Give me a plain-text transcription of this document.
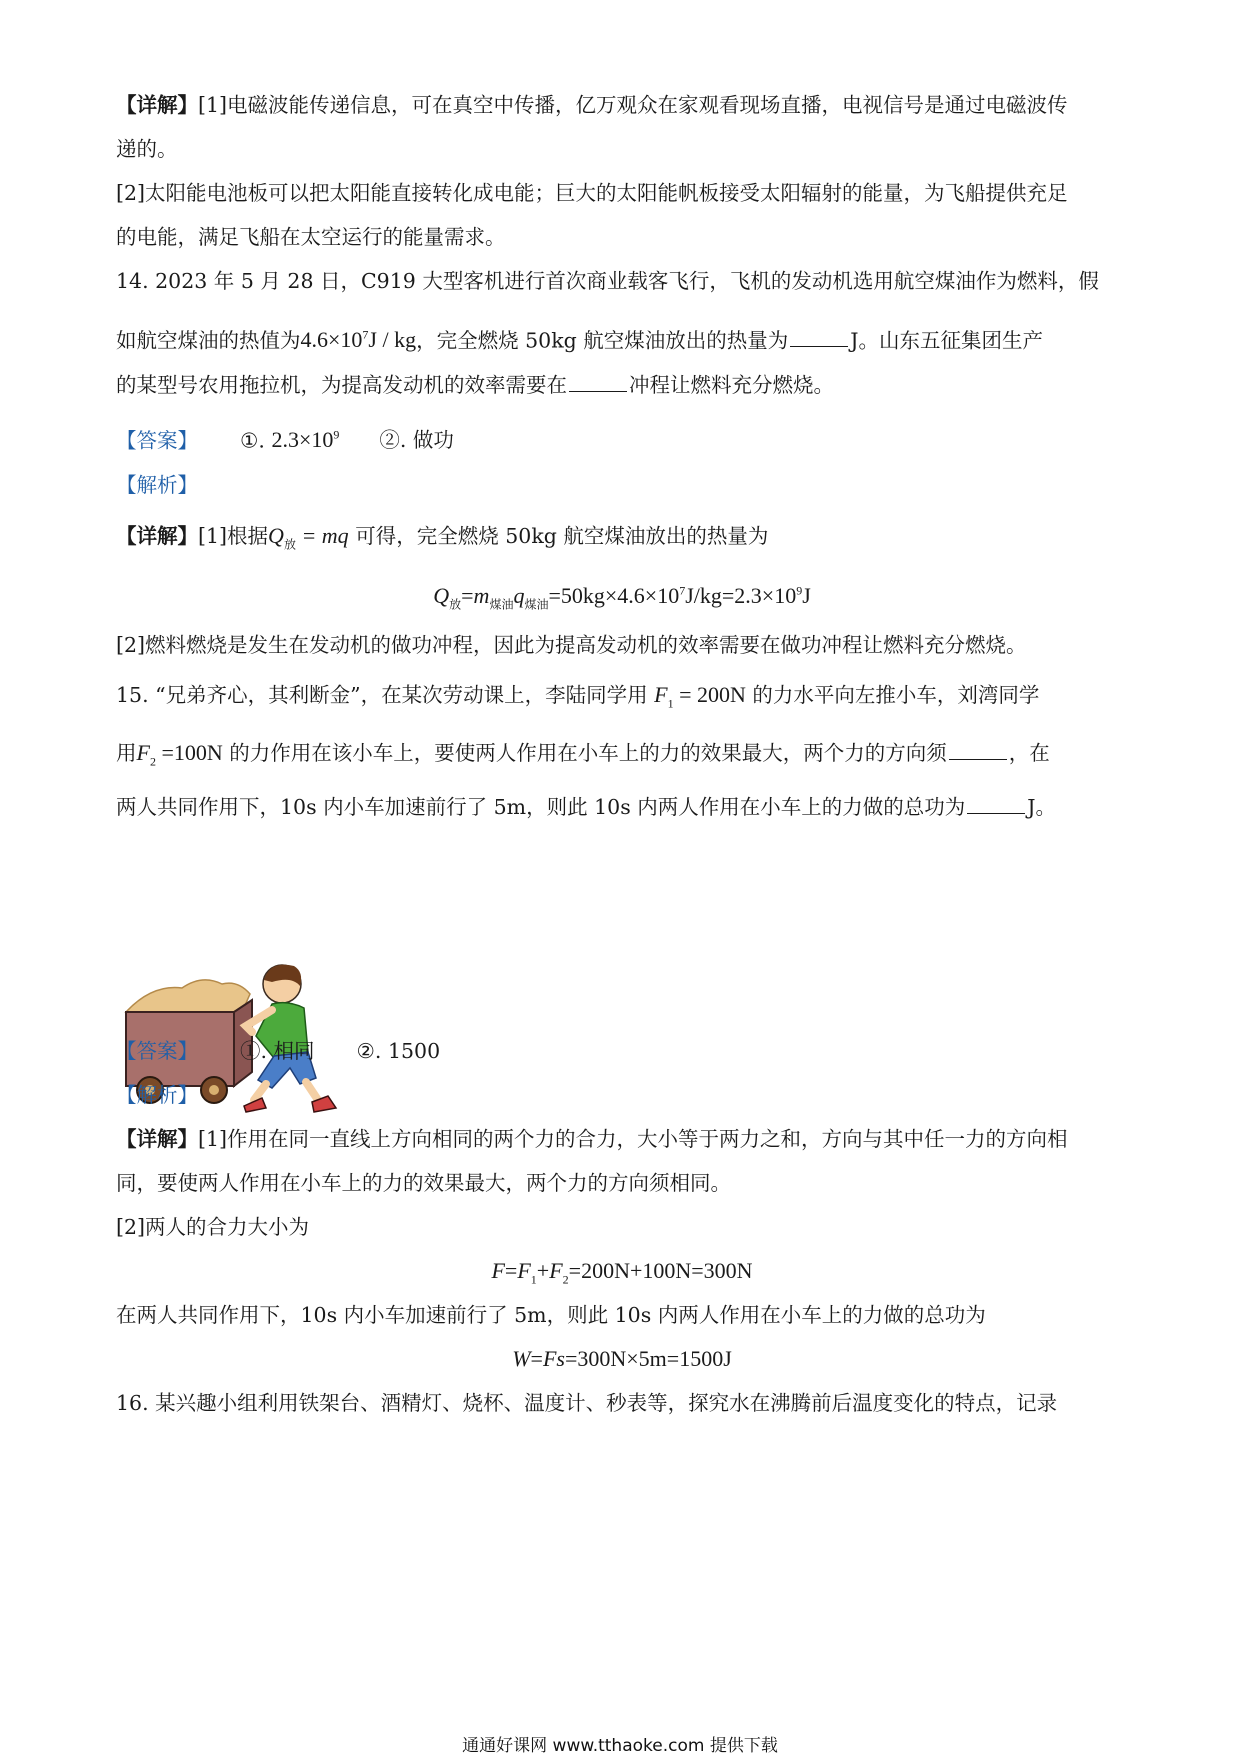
【详解】[1]电磁波能传递信息，可在真空中传播，亿万观众在家观看现场直播，电视信号是通过电磁波传
递的。
[2]太阳能电池板可以把太阳能直接转化成电能；巨大的太阳能帆板接受太阳辐射的能量，为飞船提供充足
的电能，满足飞船在太空运行的能量需求。
14. 2023 年 5 月 28 日，C919 大型客机进行首次商业载客飞行，飞机的发动机选用航空煤油作为燃料，假
如航空煤油的热值为$4.6\times 10^7J$ / kg，完全燃烧 50kg 航空煤油放出的热量为	J。山东五征集团生产
的某型号农用拖拉机，为提高发动机的效率需要在	冲程让燃料充分燃烧。
【答案】 ①. $2.3\times 10^9$ ②. 做功
【解析】
【详解】[1]根据$Q_放$ = mq 可得，完全燃烧 50kg 航空煤油放出的热量为
$Q_放=m_{煤油}q_{煤油}=50kg\times 4.6\times 10^7J/kg=2.3\times 10^9J$
[2]燃料燃烧是发生在发动机的做功冲程，因此为提高发动机的效率需要在做功冲程让燃料充分燃烧。
15. “兄弟齐心，其利断金”，在某次劳动课上，李陆同学用 $F_1 = 200N$ 的力水平向左推小车，刘湾同学
用$F_2 =100N$ 的力作用在该小车上，要使两人作用在小车上的力的效果最大，两个力的方向须	，在
两人共同作用下，10s 内小车加速前行了 5m，则此 10s 内两人作用在小车上的力做的总功为	J。
【答案】 ①. 相同 ②. 1500
【解析】
【详解】[1]作用在同一直线上方向相同的两个力的合力，大小等于两力之和，方向与其中任一力的方向相
同，要使两人作用在小车上的力的效果最大，两个力的方向须相同。
[2]两人的合力大小为
$F=F_1+F_2=200N+100N=300N$
在两人共同作用下，10s 内小车加速前行了 5m，则此 10s 内两人作用在小车上的力做的总功为
W=Fs=300N×5m=1500J
16. 某兴趣小组利用铁架台、酒精灯、烧杯、温度计、秒表等，探究水在沸腾前后温度变化的特点，记录
通通好课网 www.tthaoke.com 提供下载
